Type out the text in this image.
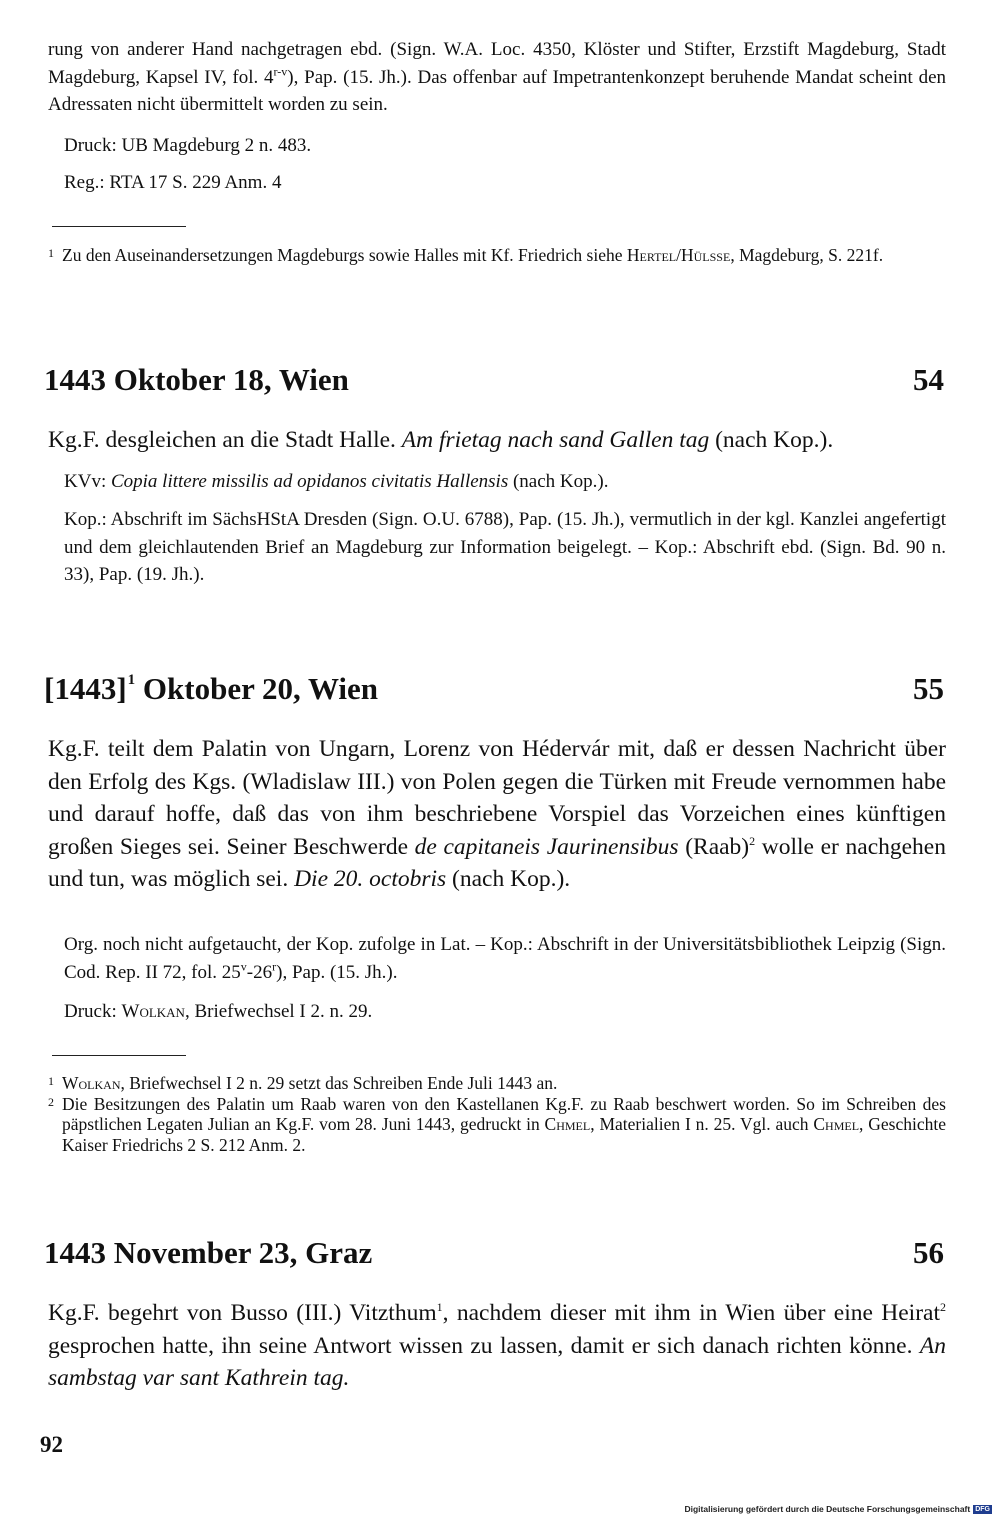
rung von anderer Hand nachgetragen ebd. (Sign. W.A. Loc. 4350, Klöster und Stifter, Erzstift Magdeburg, Stadt Magdeburg, Kapsel IV, fol. 4$^{r-v}$), Pap. (15. Jh.). Das offenbar auf Impetrantenkonzept beruhende Mandat scheint den Adressaten nicht übermittelt worden zu sein.

Druck: UB Magdeburg 2 n. 483.

Reg.: RTA 17 S. 229 Anm. 4

1 Zu den Auseinandersetzungen Magdeburgs sowie Halles mit Kf. Friedrich siehe Hertel/Hülsse, Magdeburg, S. 221f.

1443 Oktober 18, Wien	54

Kg.F. desgleichen an die Stadt Halle. Am frietag nach sand Gallen tag (nach Kop.).

KVv: Copia littere missilis ad opidanos civitatis Hallensis (nach Kop.).

Kop.: Abschrift im SächsHStA Dresden (Sign. O.U. 6788), Pap. (15. Jh.), vermutlich in der kgl. Kanzlei angefertigt und dem gleichlautenden Brief an Magdeburg zur Information beigelegt. – Kop.: Abschrift ebd. (Sign. Bd. 90 n. 33), Pap. (19. Jh.).

$[1443]^1$ Oktober 20, Wien	55

Kg.F. teilt dem Palatin von Ungarn, Lorenz von Hédervár mit, daß er dessen Nachricht über den Erfolg des Kgs. (Wladislaw III.) von Polen gegen die Türken mit Freude vernommen habe und darauf hoffe, daß das von ihm beschriebene Vorspiel das Vorzeichen eines künftigen großen Sieges sei. Seiner Beschwerde de capitaneis Jaurinensibus (Raab)$^2$ wolle er nachgehen und tun, was möglich sei. Die 20. octobris (nach Kop.).

Org. noch nicht aufgetaucht, der Kop. zufolge in Lat. – Kop.: Abschrift in der Universitätsbibliothek Leipzig (Sign. Cod. Rep. II 72, fol. 25$^v$-26$^r$), Pap. (15. Jh.).

Druck: Wolkan, Briefwechsel I 2. n. 29.

1 Wolkan, Briefwechsel I 2 n. 29 setzt das Schreiben Ende Juli 1443 an.

2 Die Besitzungen des Palatin um Raab waren von den Kastellanen Kg.F. zu Raab beschwert worden. So im Schreiben des päpstlichen Legaten Julian an Kg.F. vom 28. Juni 1443, gedruckt in Chmel, Materialien I n. 25. Vgl. auch Chmel, Geschichte Kaiser Friedrichs 2 S. 212 Anm. 2.

1443 November 23, Graz	56

Kg.F. begehrt von Busso (III.) Vitzthum$^1$, nachdem dieser mit ihm in Wien über eine Heirat$^2$ gesprochen hatte, ihn seine Antwort wissen zu lassen, damit er sich danach richten könne. An sambstag var sant Kathrein tag.

92
Digitalisierung gefördert durch die Deutsche Forschungsgemeinschaft DFG
